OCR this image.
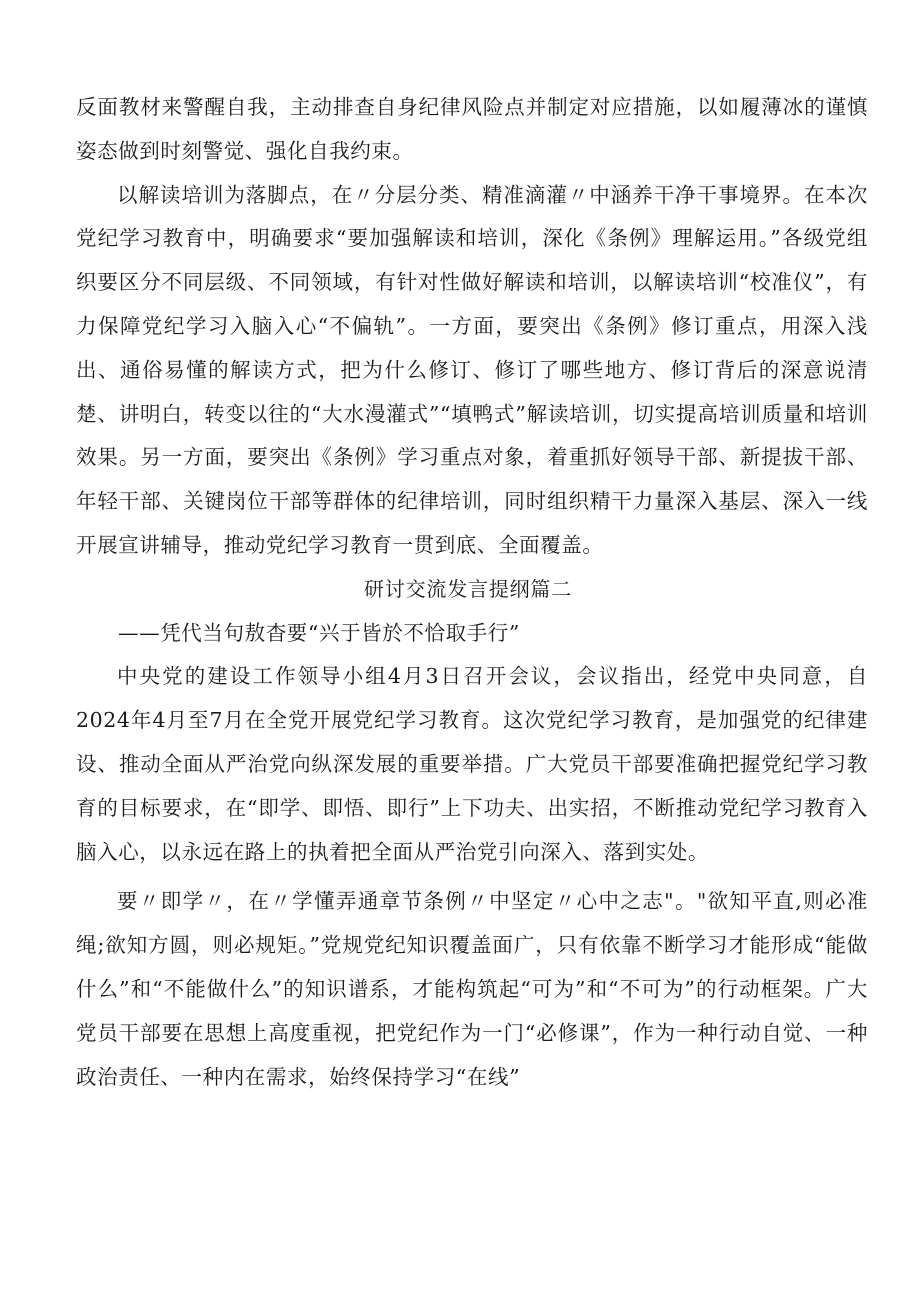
反面教材来警醒自我，主动排查自身纪律风险点并制定对应措施，以如履薄冰的谨慎姿态做到时刻警觉、强化自我约束。

以解读培训为落脚点，在〃分层分类、精准滴灌〃中涵养干净干事境界。在本次党纪学习教育中，明确要求“要加强解读和培训，深化《条例》理解运用。”各级党组织要区分不同层级、不同领域，有针对性做好解读和培训，以解读培训“校准仪”，有力保障党纪学习入脑入心“不偏轨”。一方面，要突出《条例》修订重点，用深入浅出、通俗易懂的解读方式，把为什么修订、修订了哪些地方、修订背后的深意说清楚、讲明白，转变以往的“大水漫灌式”“填鸭式”解读培训，切实提高培训质量和培训效果。另一方面，要突出《条例》学习重点对象，着重抓好领导干部、新提拔干部、年轻干部、关键岗位干部等群体的纪律培训，同时组织精干力量深入基层、深入一线开展宣讲辅导，推动党纪学习教育一贯到底、全面覆盖。

研讨交流发言提纲篇二

——凭代当句敖杳要“兴于皆於不恰取手行”

中央党的建设工作领导小组4月3日召开会议，会议指出，经党中央同意，自2024年4月至7月在全党开展党纪学习教育。这次党纪学习教育，是加强党的纪律建设、推动全面从严治党向纵深发展的重要举措。广大党员干部要准确把握党纪学习教育的目标要求，在“即学、即悟、即行”上下功夫、出实招，不断推动党纪学习教育入脑入心，以永远在路上的执着把全面从严治党引向深入、落到实处。

要〃即学〃，在〃学懂弄通章节条例〃中坚定〃心中之志"。"欲知平直,则必准绳;欲知方圆，则必规矩。”党规党纪知识覆盖面广，只有依靠不断学习才能形成“能做什么”和“不能做什么”的知识谱系，才能构筑起“可为”和“不可为”的行动框架。广大党员干部要在思想上高度重视，把党纪作为一门“必修课”，作为一种行动自觉、一种政治责任、一种内在需求，始终保持学习“在线”
